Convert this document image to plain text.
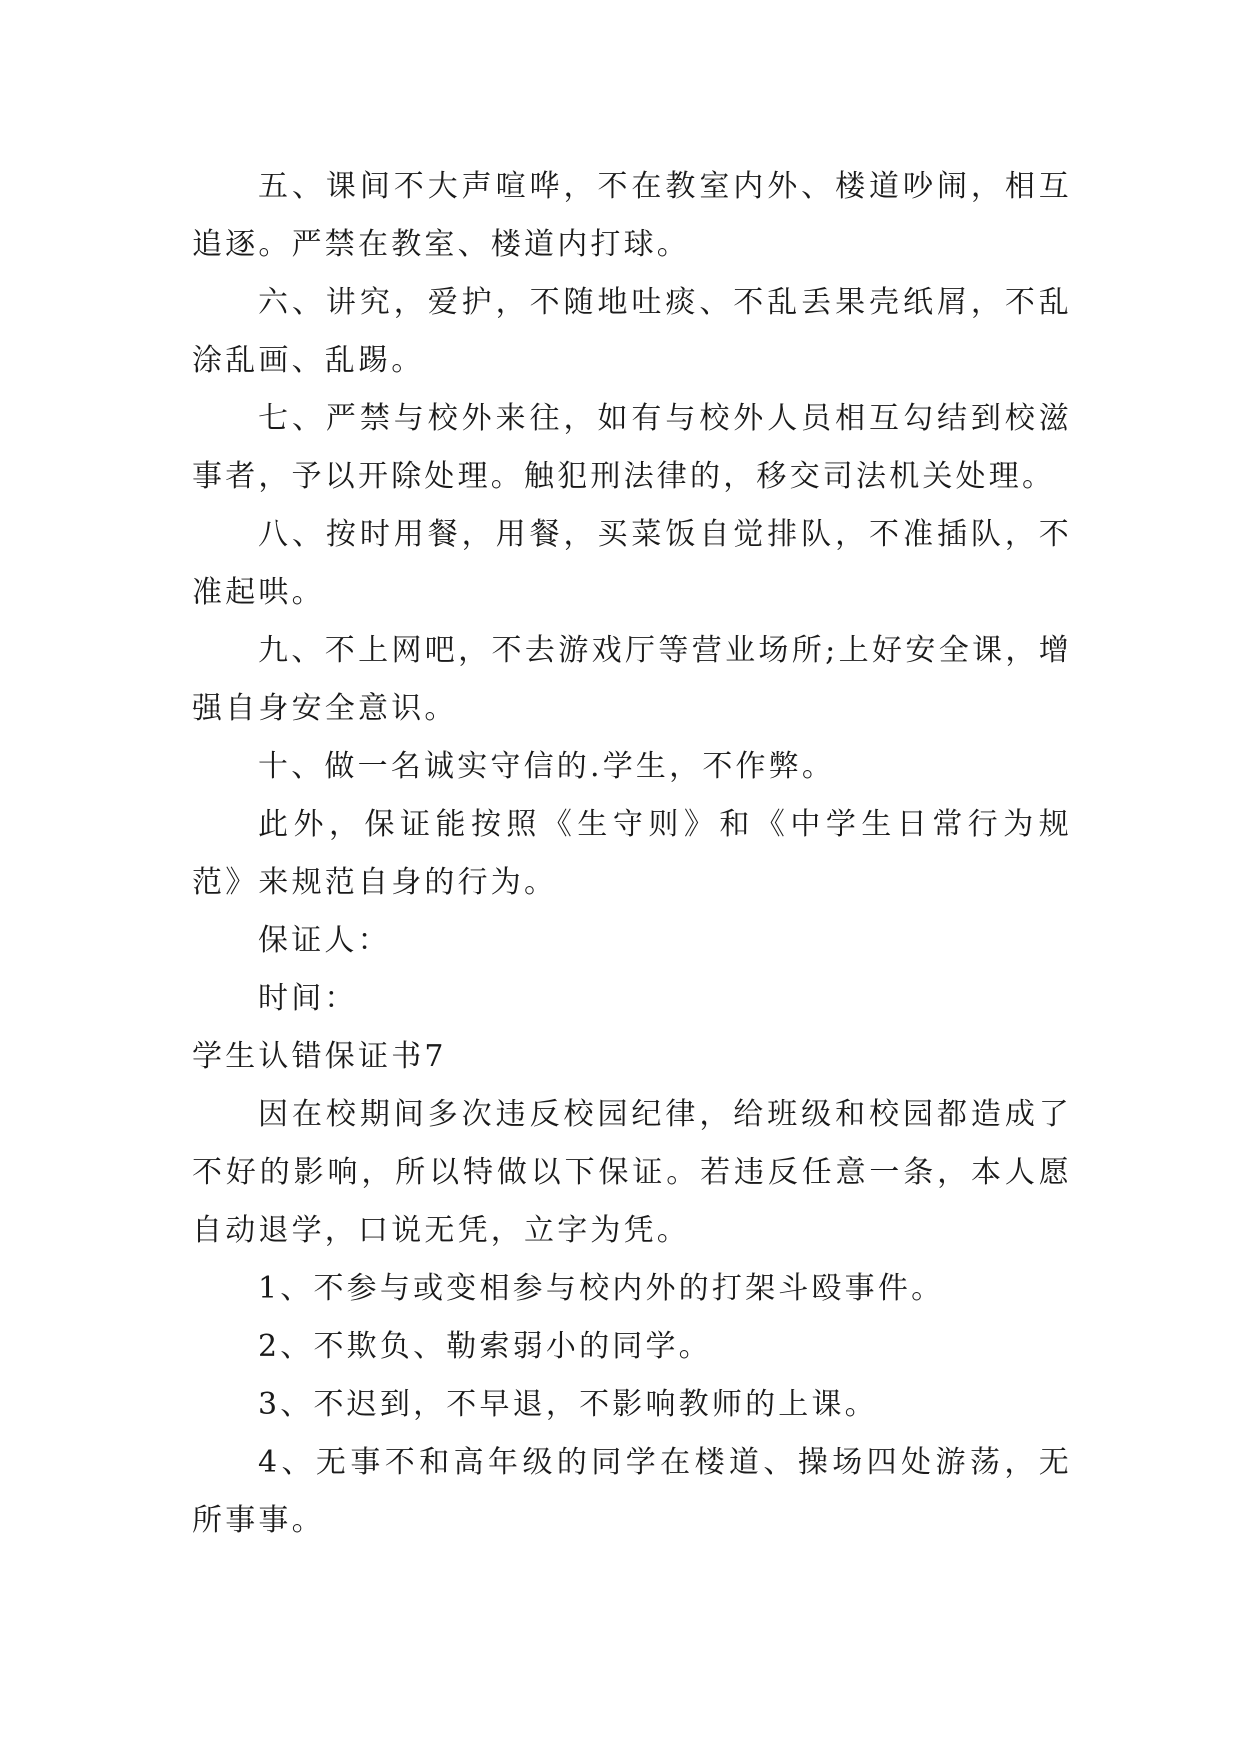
五、课间不大声喧哗，不在教室内外、楼道吵闹，相互追逐。严禁在教室、楼道内打球。

六、讲究，爱护，不随地吐痰、不乱丢果壳纸屑，不乱涂乱画、乱踢。

七、严禁与校外来往，如有与校外人员相互勾结到校滋事者，予以开除处理。触犯刑法律的，移交司法机关处理。

八、按时用餐，用餐，买菜饭自觉排队，不准插队，不准起哄。

九、不上网吧，不去游戏厅等营业场所;上好安全课，增强自身安全意识。

十、做一名诚实守信的.学生，不作弊。

此外，保证能按照《生守则》和《中学生日常行为规范》来规范自身的行为。

保证人：

时间：

学生认错保证书7

因在校期间多次违反校园纪律，给班级和校园都造成了不好的影响，所以特做以下保证。若违反任意一条，本人愿自动退学，口说无凭，立字为凭。

1、不参与或变相参与校内外的打架斗殴事件。

2、不欺负、勒索弱小的同学。

3、不迟到，不早退，不影响教师的上课。

4、无事不和高年级的同学在楼道、操场四处游荡，无所事事。
